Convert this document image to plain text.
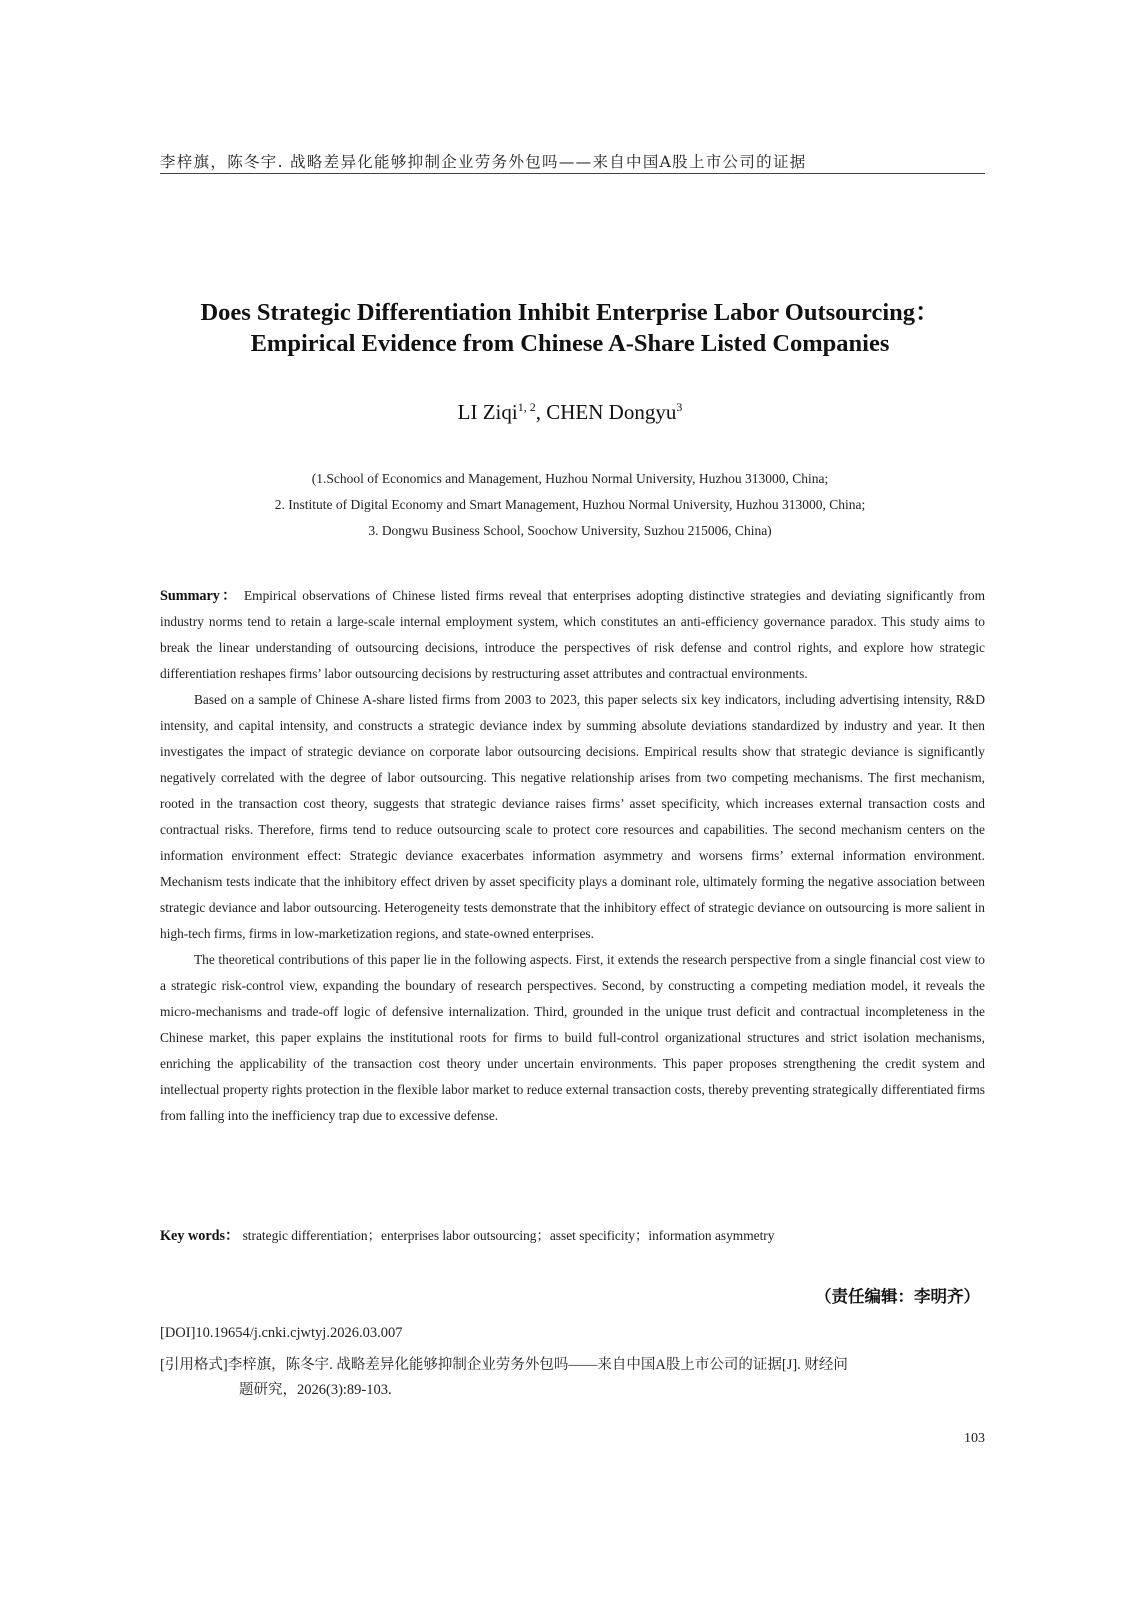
李梓旗，陈冬宇. 战略差异化能够抑制企业劳务外包吗——来自中国A股上市公司的证据
Does Strategic Differentiation Inhibit Enterprise Labor Outsourcing：
Empirical Evidence from Chinese A-Share Listed Companies
LI Ziqi$^{1, 2}$, CHEN Dongyu$^3$
(1.School of Economics and Management, Huzhou Normal University, Huzhou 313000, China;
2. Institute of Digital Economy and Smart Management, Huzhou Normal University, Huzhou 313000, China;
3. Dongwu Business School, Soochow University, Suzhou 215006, China)

Summary： Empirical observations of Chinese listed firms reveal that enterprises adopting distinctive strategies and deviating significantly from industry norms tend to retain a large-scale internal employment system, which constitutes an anti-efficiency governance paradox. This study aims to break the linear understanding of outsourcing decisions, introduce the perspectives of risk defense and control rights, and explore how strategic differentiation reshapes firms’ labor outsourcing decisions by restructuring asset attributes and contractual environments.

Based on a sample of Chinese A-share listed firms from 2003 to 2023, this paper selects six key indicators, including advertising intensity, R&D intensity, and capital intensity, and constructs a strategic deviance index by summing absolute deviations standardized by industry and year. It then investigates the impact of strategic deviance on corporate labor outsourcing decisions. Empirical results show that strategic deviance is significantly negatively correlated with the degree of labor outsourcing. This negative relationship arises from two competing mechanisms. The first mechanism, rooted in the transaction cost theory, suggests that strategic deviance raises firms’ asset specificity, which increases external transaction costs and contractual risks. Therefore, firms tend to reduce outsourcing scale to protect core resources and capabilities. The second mechanism centers on the information environment effect: Strategic deviance exacerbates information asymmetry and worsens firms’ external information environment. Mechanism tests indicate that the inhibitory effect driven by asset specificity plays a dominant role, ultimately forming the negative association between strategic deviance and labor outsourcing. Heterogeneity tests demonstrate that the inhibitory effect of strategic deviance on outsourcing is more salient in high-tech firms, firms in low-marketization regions, and state-owned enterprises.

The theoretical contributions of this paper lie in the following aspects. First, it extends the research perspective from a single financial cost view to a strategic risk-control view, expanding the boundary of research perspectives. Second, by constructing a competing mediation model, it reveals the micro-mechanisms and trade-off logic of defensive internalization. Third, grounded in the unique trust deficit and contractual incompleteness in the Chinese market, this paper explains the institutional roots for firms to build full-control organizational structures and strict isolation mechanisms, enriching the applicability of the transaction cost theory under uncertain environments. This paper proposes strengthening the credit system and intellectual property rights protection in the flexible labor market to reduce external transaction costs, thereby preventing strategically differentiated firms from falling into the inefficiency trap due to excessive defense.

Key words： strategic differentiation；enterprises labor outsourcing；asset specificity；information asymmetry
（责任编辑：李明齐）
[DOI]10.19654/j.cnki.cjwtyj.2026.03.007
[引用格式]李梓旗，陈冬宇. 战略差异化能够抑制企业劳务外包吗——来自中国A股上市公司的证据[J]. 财经问
题研究，2026(3):89-103.
103
